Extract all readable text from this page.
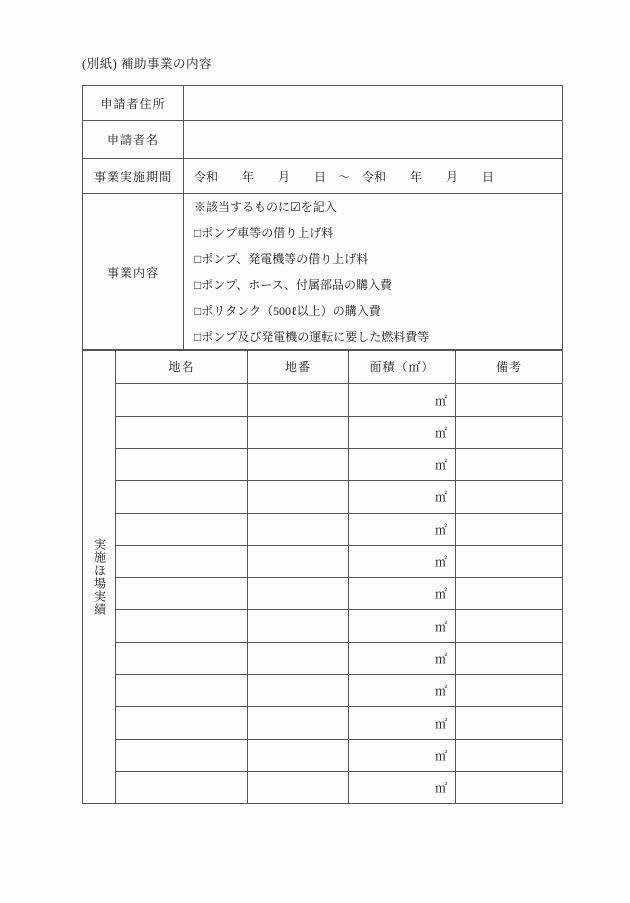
(別紙) 補助事業の内容
申請者住所	
申請者名	
事業実施期間	令和　　年　　月　　日　～　令和　　年　　月　　日
事業内容	
※該当するものに☑を記入
□ポンプ車等の借り上げ料
□ポンプ、発電機等の借り上げ料
□ポンプ、ホース、付属部品の購入費
□ポリタンク（500ℓ以上）の購入費
□ポンプ及び発電機の運転に要した燃料費等
実施ほ場実績	地名	地番	面積（㎡）	備考
			㎡	
			㎡	
			㎡	
			㎡	
			㎡	
			㎡	
			㎡	
			㎡	
			㎡	
			㎡	
			㎡	
			㎡	
			㎡	
